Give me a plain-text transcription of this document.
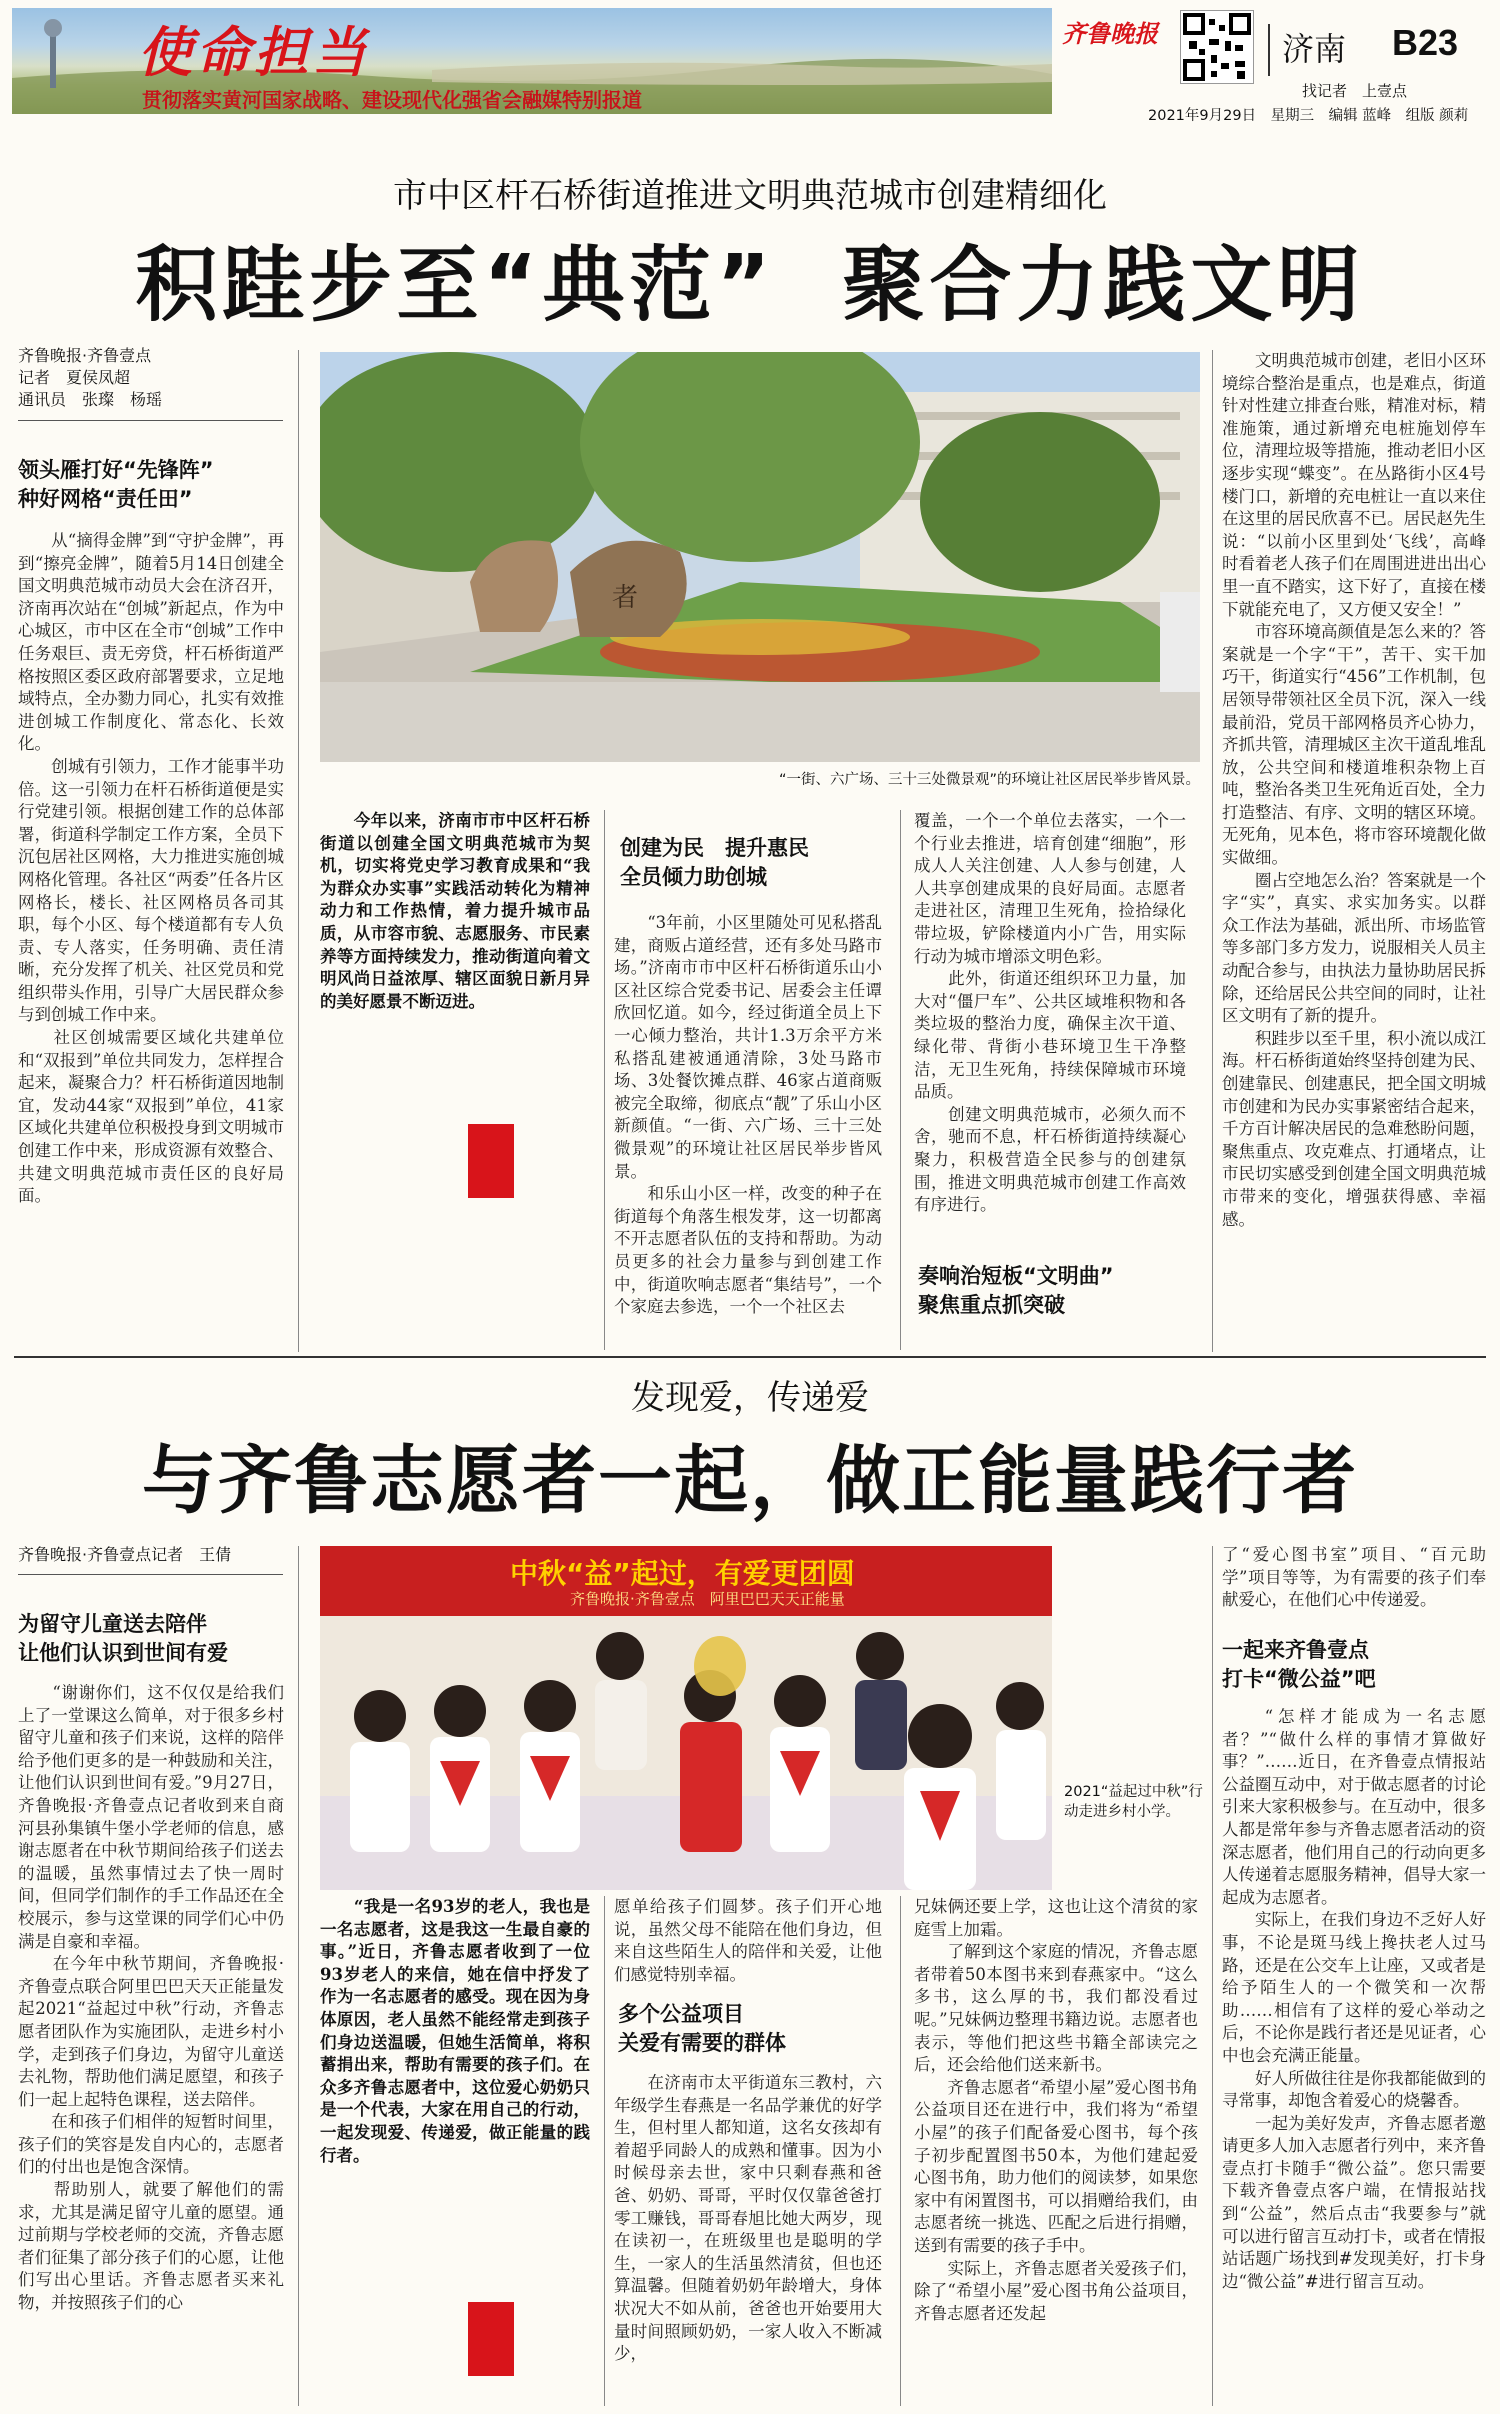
使命担当
贯彻落实黄河国家战略、建设现代化强省会融媒特别报道
齐鲁晚报	济南 B23
找记者　上壹点
2021年9月29日　星期三　编辑 蓝峰　组版 颜莉
市中区杆石桥街道推进文明典范城市创建精细化
积跬步至“典范”  聚合力践文明
齐鲁晚报·齐鲁壹点
记者　夏侯凤超
通讯员　张璨　杨瑶
领头雁打好“先锋阵”
种好网格“责任田”
　　从“摘得金牌”到“守护金牌”，再到“擦亮金牌”，随着5月14日创建全国文明典范城市动员大会在济召开，济南再次站在“创城”新起点，作为中心城区，市中区在全市“创城”工作中任务艰巨、责无旁贷，杆石桥街道严格按照区委区政府部署要求，立足地域特点，全办勠力同心，扎实有效推进创城工作制度化、常态化、长效化。
　　创城有引领力，工作才能事半功倍。这一引领力在杆石桥街道便是实行党建引领。根据创建工作的总体部署，街道科学制定工作方案，全员下沉包居社区网格，大力推进实施创城网格化管理。各社区“两委”任各片区网格长，楼长、社区网格员各司其职，每个小区、每个楼道都有专人负责、专人落实，任务明确、责任清晰，充分发挥了机关、社区党员和党组织带头作用，引导广大居民群众参与到创城工作中来。
　　社区创城需要区域化共建单位和“双报到”单位共同发力，怎样捏合起来，凝聚合力？杆石桥街道因地制宜，发动44家“双报到”单位，41家区域化共建单位积极投身到文明城市创建工作中来，形成资源有效整合、共建文明典范城市责任区的良好局面。
者
“一街、六广场、三十三处微景观”的环境让社区居民举步皆风景。
　　文明典范城市创建，老旧小区环境综合整治是重点，也是难点，街道针对性建立排查台账，精准对标，精准施策，通过新增充电桩施划停车位，清理垃圾等措施，推动老旧小区逐步实现“蝶变”。在丛路街小区4号楼门口，新增的充电桩让一直以来住在这里的居民欣喜不已。居民赵先生说：“以前小区里到处‘飞线’，高峰时看着老人孩子们在周围进进出出心里一直不踏实，这下好了，直接在楼下就能充电了，又方便又安全！”
　　市容环境高颜值是怎么来的？答案就是一个字“干”，苦干、实干加巧干，街道实行“456”工作机制，包居领导带领社区全员下沉，深入一线最前沿，党员干部网格员齐心协力，齐抓共管，清理城区主次干道乱堆乱放，公共空间和楼道堆积杂物上百吨，整治各类卫生死角近百处，全力打造整洁、有序、文明的辖区环境。无死角，见本色，将市容环境靓化做实做细。
　　圈占空地怎么治？答案就是一个字“实”，真实、求实加务实。以群众工作法为基础，派出所、市场监管等多部门多方发力，说服相关人员主动配合参与，由执法力量协助居民拆除，还给居民公共空间的同时，让社区文明有了新的提升。
　　积跬步以至千里，积小流以成江海。杆石桥街道始终坚持创建为民、创建靠民、创建惠民，把全国文明城市创建和为民办实事紧密结合起来，千方百计解决居民的急难愁盼问题，聚焦重点、攻克难点、打通堵点，让市民切实感受到创建全国文明典范城市带来的变化，增强获得感、幸福感。
　　今年以来，济南市市中区杆石桥街道以创建全国文明典范城市为契机，切实将党史学习教育成果和“我为群众办实事”实践活动转化为精神动力和工作热情，着力提升城市品质，从市容市貌、志愿服务、市民素养等方面持续发力，推动街道向着文明风尚日益浓厚、辖区面貌日新月异的美好愿景不断迈进。
创建为民　提升惠民
全员倾力助创城
　　“3年前，小区里随处可见私搭乱建，商贩占道经营，还有多处马路市场。”济南市市中区杆石桥街道乐山小区社区综合党委书记、居委会主任谭欣回忆道。如今，经过街道全员上下一心倾力整治，共计1.3万余平方米私搭乱建被通通清除，3处马路市场、3处餐饮摊点群、46家占道商贩被完全取缔，彻底点“靓”了乐山小区新颜值。“一街、六广场、三十三处微景观”的环境让社区居民举步皆风景。
　　和乐山小区一样，改变的种子在街道每个角落生根发芽，这一切都离不开志愿者队伍的支持和帮助。为动员更多的社会力量参与到创建工作中，街道吹响志愿者“集结号”，一个个家庭去参选，一个一个社区去
覆盖，一个一个单位去落实，一个一个行业去推进，培育创建“细胞”，形成人人关注创建、人人参与创建，人人共享创建成果的良好局面。志愿者走进社区，清理卫生死角，捡拾绿化带垃圾，铲除楼道内小广告，用实际行动为城市增添文明色彩。
　　此外，街道还组织环卫力量，加大对“僵尸车”、公共区域堆积物和各类垃圾的整治力度，确保主次干道、绿化带、背街小巷环境卫生干净整洁，无卫生死角，持续保障城市环境品质。
　　创建文明典范城市，必须久而不舍，驰而不息，杆石桥街道持续凝心聚力，积极营造全民参与的创建氛围，推进文明典范城市创建工作高效有序进行。
奏响治短板“文明曲”
聚焦重点抓突破
发现爱，传递爱
与齐鲁志愿者一起，做正能量践行者
齐鲁晚报·齐鲁壹点记者　王倩
为留守儿童送去陪伴
让他们认识到世间有爱
　　“谢谢你们，这不仅仅是给我们上了一堂课这么简单，对于很多乡村留守儿童和孩子们来说，这样的陪伴给予他们更多的是一种鼓励和关注，让他们认识到世间有爱。”9月27日，齐鲁晚报·齐鲁壹点记者收到来自商河县孙集镇牛堡小学老师的信息，感谢志愿者在中秋节期间给孩子们送去的温暖，虽然事情过去了快一周时间，但同学们制作的手工作品还在全校展示，参与这堂课的同学们心中仍满是自豪和幸福。
　　在今年中秋节期间，齐鲁晚报·齐鲁壹点联合阿里巴巴天天正能量发起2021“益起过中秋”行动，齐鲁志愿者团队作为实施团队，走进乡村小学，走到孩子们身边，为留守儿童送去礼物，帮助他们满足愿望，和孩子们一起上起特色课程，送去陪伴。
　　在和孩子们相伴的短暂时间里，孩子们的笑容是发自内心的，志愿者们的付出也是饱含深情。
　　帮助别人，就要了解他们的需求，尤其是满足留守儿童的愿望。通过前期与学校老师的交流，齐鲁志愿者们征集了部分孩子们的心愿，让他们写出心里话。齐鲁志愿者买来礼物，并按照孩子们的心
中秋“益”起过，有爱更团圆
齐鲁晚报·齐鲁壹点　阿里巴巴天天正能量
2021“益起过中秋”行动走进乡村小学。
了“爱心图书室”项目、“百元助学”项目等等，为有需要的孩子们奉献爱心，在他们心中传递爱。
一起来齐鲁壹点
打卡“微公益”吧
　　“怎样才能成为一名志愿者？”“做什么样的事情才算做好事？”……近日，在齐鲁壹点情报站公益圈互动中，对于做志愿者的讨论引来大家积极参与。在互动中，很多人都是常年参与齐鲁志愿者活动的资深志愿者，他们用自己的行动向更多人传递着志愿服务精神，倡导大家一起成为志愿者。
　　实际上，在我们身边不乏好人好事，不论是斑马线上搀扶老人过马路，还是在公交车上让座，又或者是给予陌生人的一个微笑和一次帮助……相信有了这样的爱心举动之后，不论你是践行者还是见证者，心中也会充满正能量。
　　好人所做往往是你我都能做到的寻常事，却饱含着爱心的烧馨香。
　　一起为美好发声，齐鲁志愿者邀请更多人加入志愿者行列中，来齐鲁壹点打卡随手“微公益”。您只需要下载齐鲁壹点客户端，在情报站找到“公益”，然后点击“我要参与”就可以进行留言互动打卡，或者在情报站话题广场找到#发现美好，打卡身边“微公益”#进行留言互动。
　　“我是一名93岁的老人，我也是一名志愿者，这是我这一生最自豪的事。”近日，齐鲁志愿者收到了一位93岁老人的来信，她在信中抒发了作为一名志愿者的感受。现在因为身体原因，老人虽然不能经常走到孩子们身边送温暖，但她生活简单，将积蓄捐出来，帮助有需要的孩子们。在众多齐鲁志愿者中，这位爱心奶奶只是一个代表，大家在用自己的行动，一起发现爱、传递爱，做正能量的践行者。
愿单给孩子们圆梦。孩子们开心地说，虽然父母不能陪在他们身边，但来自这些陌生人的陪伴和关爱，让他们感觉特别幸福。
多个公益项目
关爱有需要的群体
　　在济南市太平街道东三教村，六年级学生春燕是一名品学兼优的好学生，但村里人都知道，这名女孩却有着超乎同龄人的成熟和懂事。因为小时候母亲去世，家中只剩春燕和爸爸、奶奶、哥哥，平时仅仅靠爸爸打零工赚钱，哥哥春旭比她大两岁，现在读初一，在班级里也是聪明的学生，一家人的生活虽然清贫，但也还算温馨。但随着奶奶年龄增大，身体状况大不如从前，爸爸也开始要用大量时间照顾奶奶，一家人收入不断减少，
兄妹俩还要上学，这也让这个清贫的家庭雪上加霜。
　　了解到这个家庭的情况，齐鲁志愿者带着50本图书来到春燕家中。“这么多书，这么厚的书，我们都没看过呢。”兄妹俩边整理书籍边说。志愿者也表示，等他们把这些书籍全部读完之后，还会给他们送来新书。
　　齐鲁志愿者“希望小屋”爱心图书角公益项目还在进行中，我们将为“希望小屋”的孩子们配备爱心图书，每个孩子初步配置图书50本，为他们建起爱心图书角，助力他们的阅读梦，如果您家中有闲置图书，可以捐赠给我们，由志愿者统一挑选、匹配之后进行捐赠，送到有需要的孩子手中。
　　实际上，齐鲁志愿者关爱孩子们，除了“希望小屋”爱心图书角公益项目，齐鲁志愿者还发起
